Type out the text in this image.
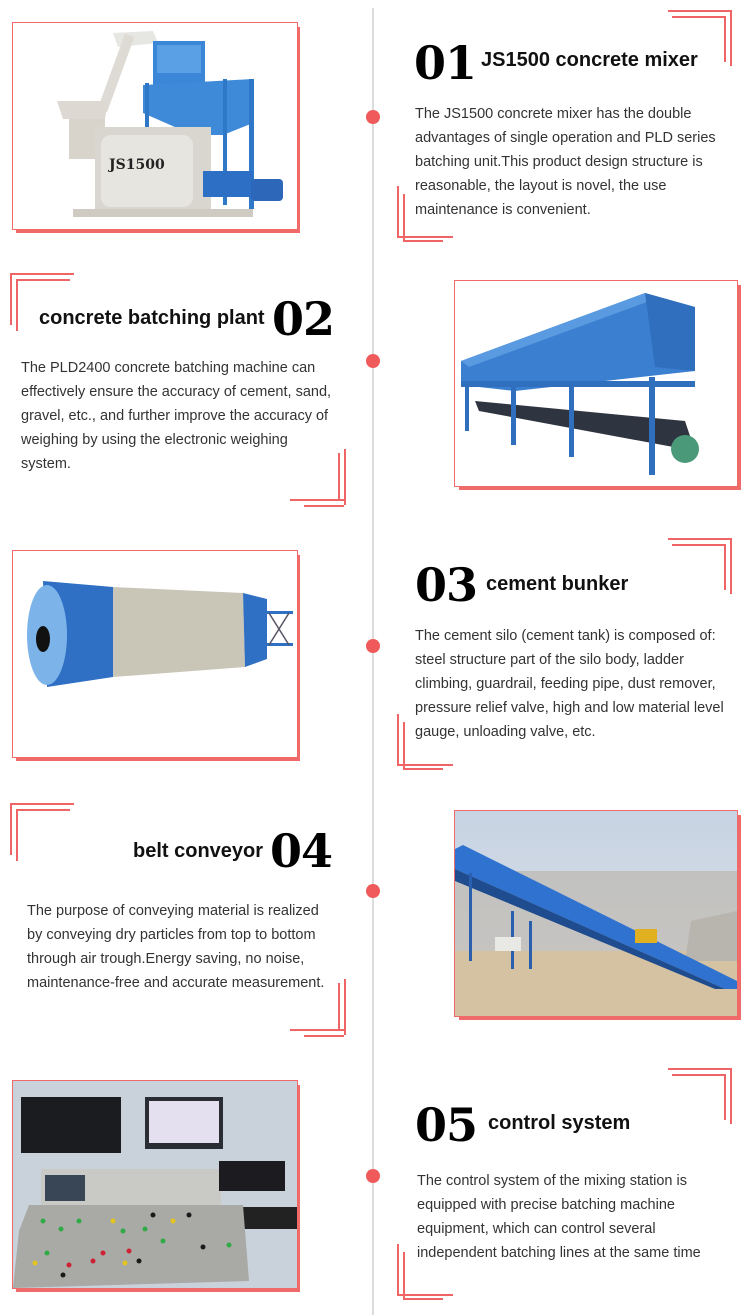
JS1500
01 JS1500 concrete mixer
The JS1500 concrete mixer has the double advantages of single operation and PLD series batching unit.This product design structure is reasonable, the layout is novel, the use maintenance is convenient.
concrete batching plant 02
The PLD2400 concrete batching machine can effectively ensure the accuracy of cement, sand, gravel, etc., and further improve the accuracy of weighing by using the electronic weighing system.
03 cement bunker
The cement silo (cement tank) is composed of: steel structure part of the silo body, ladder climbing, guardrail, feeding pipe, dust remover, pressure relief valve, high and low material level gauge, unloading valve, etc.
belt conveyor 04
The purpose of conveying material is realized by conveying dry particles from top to bottom through air trough.Energy saving, no noise, maintenance-free and accurate measurement.
05 control system
The control system of the mixing station is equipped with precise batching machine equipment, which can control several independent batching lines at the same time
